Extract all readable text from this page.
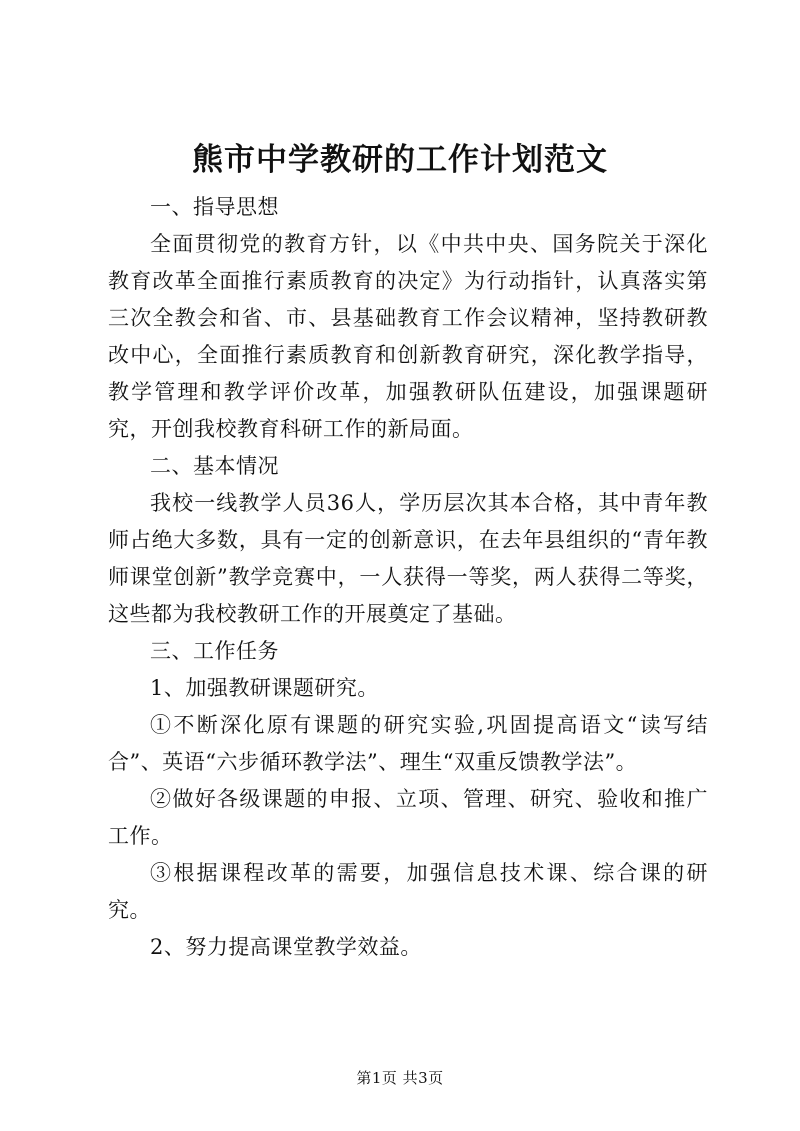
熊市中学教研的工作计划范文

一、指导思想

全面贯彻党的教育方针，以《中共中央、国务院关于深化教育改革全面推行素质教育的决定》为行动指针，认真落实第三次全教会和省、市、县基础教育工作会议精神，坚持教研教改中心，全面推行素质教育和创新教育研究，深化教学指导，教学管理和教学评价改革，加强教研队伍建设，加强课题研究，开创我校教育科研工作的新局面。

二、基本情况

我校一线教学人员36人，学历层次其本合格，其中青年教师占绝大多数，具有一定的创新意识，在去年县组织的“青年教师课堂创新”教学竞赛中，一人获得一等奖，两人获得二等奖，这些都为我校教研工作的开展奠定了基础。

三、工作任务

1、加强教研课题研究。

①不断深化原有课题的研究实验,巩固提高语文“读写结合”、英语“六步循环教学法”、理生“双重反馈教学法”。

②做好各级课题的申报、立项、管理、研究、验收和推广工作。

③根据课程改革的需要，加强信息技术课、综合课的研究。

2、努力提高课堂教学效益。

第1页 共3页
